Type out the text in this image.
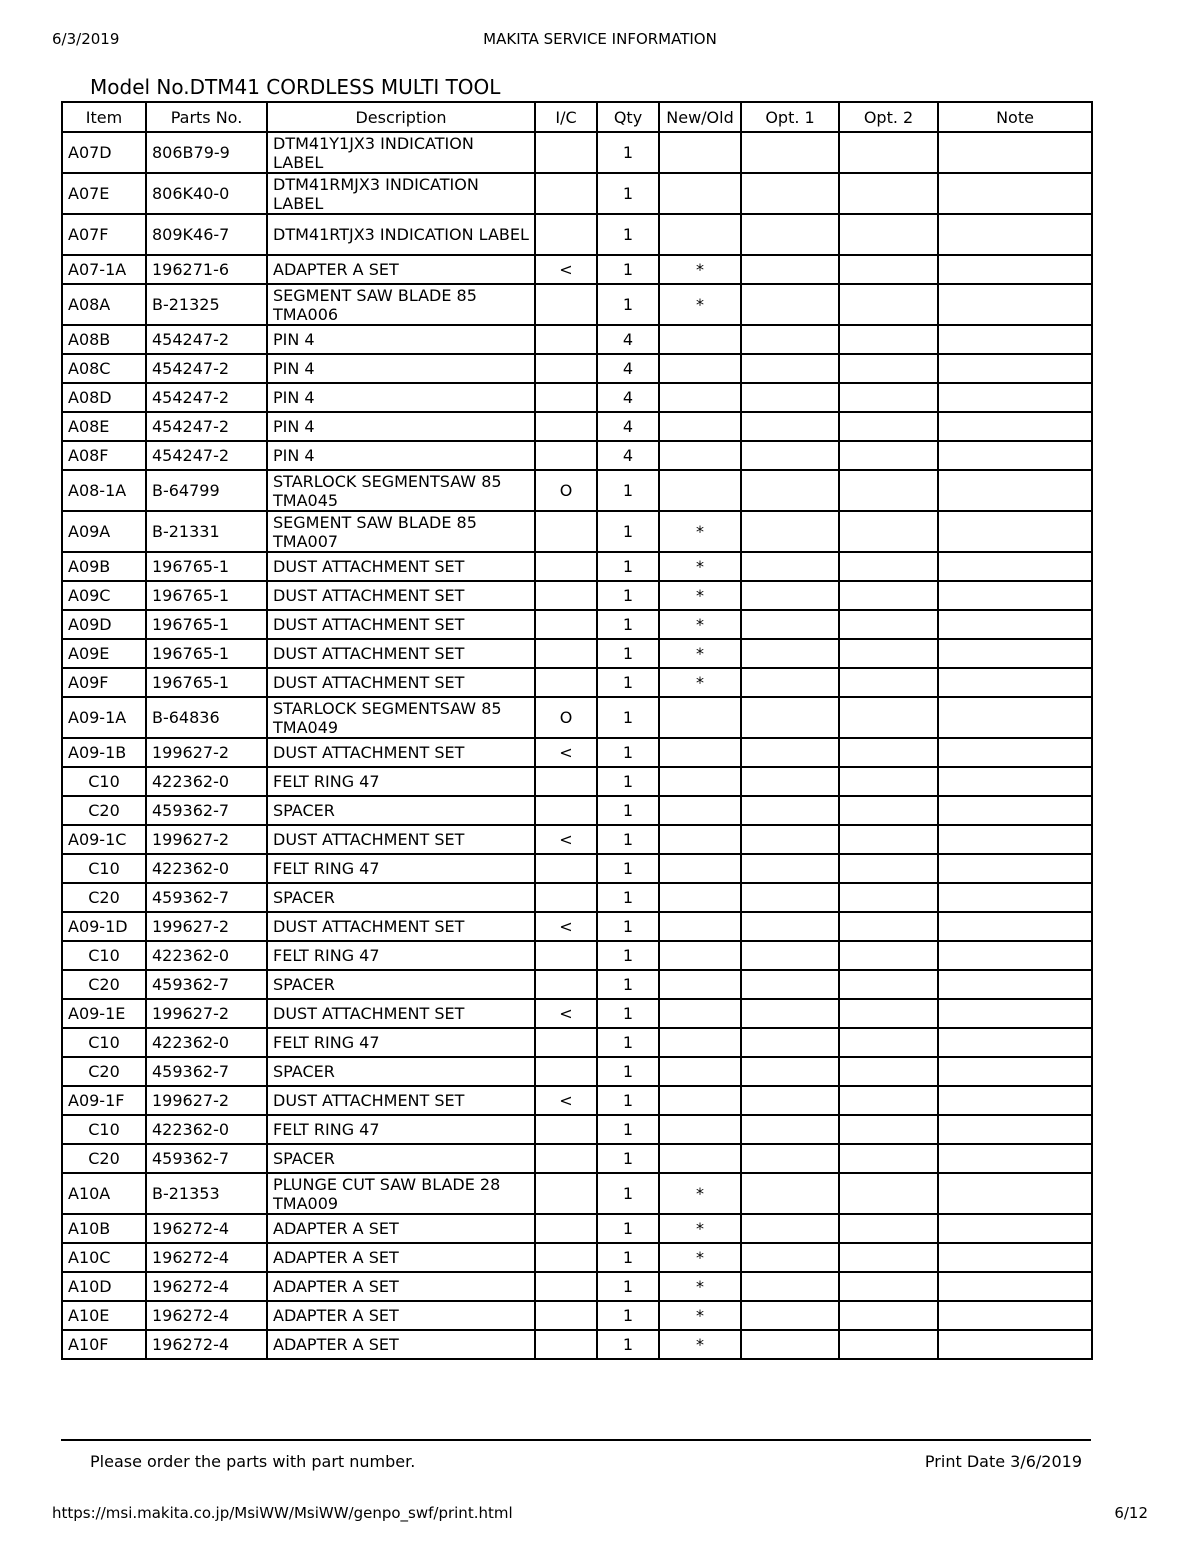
6/3/2019	MAKITA SERVICE INFORMATION
Model No.DTM41 CORDLESS MULTI TOOL
Item	Parts No.	Description	I/C	Qty	New/Old	Opt. 1	Opt. 2	Note
A07D	806B79-9	DTM41Y1JX3 INDICATION LABEL		1				
A07E	806K40-0	DTM41RMJX3 INDICATION LABEL		1				
A07F	809K46-7	DTM41RTJX3 INDICATION LABEL		1				
A07-1A	196271-6	ADAPTER A SET	<	1	*			
A08A	B-21325	SEGMENT SAW BLADE 85 TMA006		1	*			
A08B	454247-2	PIN 4		4				
A08C	454247-2	PIN 4		4				
A08D	454247-2	PIN 4		4				
A08E	454247-2	PIN 4		4				
A08F	454247-2	PIN 4		4				
A08-1A	B-64799	STARLOCK SEGMENTSAW 85 TMA045	O	1				
A09A	B-21331	SEGMENT SAW BLADE 85 TMA007		1	*			
A09B	196765-1	DUST ATTACHMENT SET		1	*			
A09C	196765-1	DUST ATTACHMENT SET		1	*			
A09D	196765-1	DUST ATTACHMENT SET		1	*			
A09E	196765-1	DUST ATTACHMENT SET		1	*			
A09F	196765-1	DUST ATTACHMENT SET		1	*			
A09-1A	B-64836	STARLOCK SEGMENTSAW 85 TMA049	O	1				
A09-1B	199627-2	DUST ATTACHMENT SET	<	1				
C10	422362-0	FELT RING 47		1				
C20	459362-7	SPACER		1				
A09-1C	199627-2	DUST ATTACHMENT SET	<	1				
C10	422362-0	FELT RING 47		1				
C20	459362-7	SPACER		1				
A09-1D	199627-2	DUST ATTACHMENT SET	<	1				
C10	422362-0	FELT RING 47		1				
C20	459362-7	SPACER		1				
A09-1E	199627-2	DUST ATTACHMENT SET	<	1				
C10	422362-0	FELT RING 47		1				
C20	459362-7	SPACER		1				
A09-1F	199627-2	DUST ATTACHMENT SET	<	1				
C10	422362-0	FELT RING 47		1				
C20	459362-7	SPACER		1				
A10A	B-21353	PLUNGE CUT SAW BLADE 28 TMA009		1	*			
A10B	196272-4	ADAPTER A SET		1	*			
A10C	196272-4	ADAPTER A SET		1	*			
A10D	196272-4	ADAPTER A SET		1	*			
A10E	196272-4	ADAPTER A SET		1	*			
A10F	196272-4	ADAPTER A SET		1	*			
Please order the parts with part number.	Print Date 3/6/2019
https://msi.makita.co.jp/MsiWW/MsiWW/genpo_swf/print.html	6/12
